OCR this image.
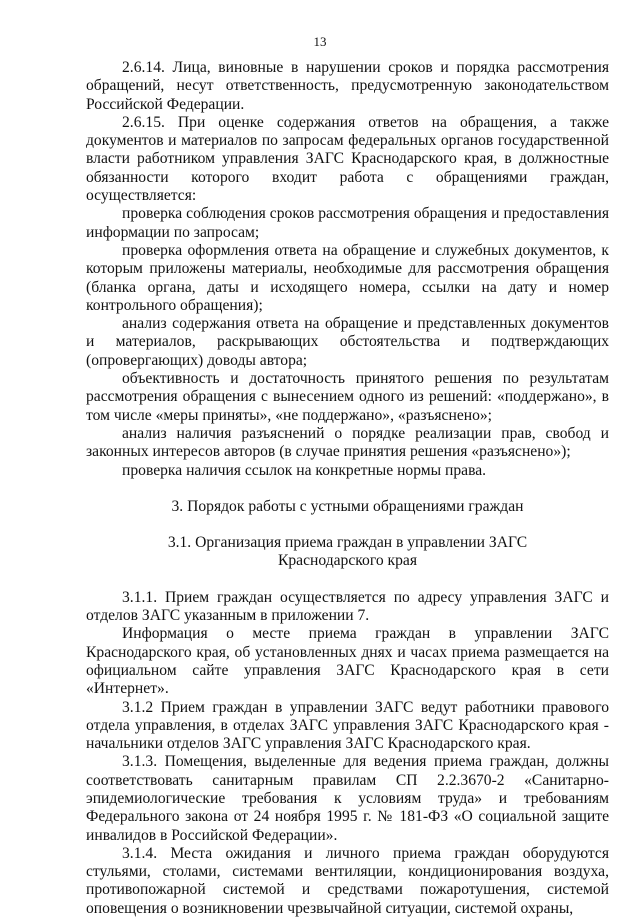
13

2.6.14. Лица, виновные в нарушении сроков и порядка рассмотрения обращений, несут ответственность, предусмотренную законодательством Российской Федерации.

2.6.15. При оценке содержания ответов на обращения, а также документов и материалов по запросам федеральных органов государственной власти работником управления ЗАГС Краснодарского края, в должностные обязанности которого входит работа с обращениями граждан, осуществляется:

проверка соблюдения сроков рассмотрения обращения и предоставления информации по запросам;

проверка оформления ответа на обращение и служебных документов, к которым приложены материалы, необходимые для рассмотрения обращения (бланка органа, даты и исходящего номера, ссылки на дату и номер контрольного обращения);

анализ содержания ответа на обращение и представленных документов и материалов, раскрывающих обстоятельства и подтверждающих (опровергающих) доводы автора;

объективность и достаточность принятого решения по результатам рассмотрения обращения с вынесением одного из решений: «поддержано», в том числе «меры приняты», «не поддержано», «разъяснено»;

анализ наличия разъяснений о порядке реализации прав, свобод и законных интересов авторов (в случае принятия решения «разъяснено»);

проверка наличия ссылок на конкретные нормы права.

3. Порядок работы с устными обращениями граждан

3.1. Организация приема граждан в управлении ЗАГС

Краснодарского края

3.1.1. Прием граждан осуществляется по адресу управления ЗАГС и отделов ЗАГС указанным в приложении 7.

Информация о месте приема граждан в управлении ЗАГС Краснодарского края, об установленных днях и часах приема размещается на официальном сайте управления ЗАГС Краснодарского края в сети «Интернет».

3.1.2 Прием граждан в управлении ЗАГС ведут работники правового отдела управления, в отделах ЗАГС управления ЗАГС Краснодарского края - начальники отделов ЗАГС управления ЗАГС Краснодарского края.

3.1.3. Помещения, выделенные для ведения приема граждан, должны соответствовать санитарным правилам СП 2.2.3670-2 «Санитарно-эпидемиологические требования к условиям труда» и требованиям Федерального закона от 24 ноября 1995 г. № 181-ФЗ «О социальной защите инвалидов в Российской Федерации».

3.1.4. Места ожидания и личного приема граждан оборудуются стульями, столами, системами вентиляции, кондиционирования воздуха, противопожарной системой и средствами пожаротушения, системой оповещения о возникновении чрезвычайной ситуации, системой охраны,
